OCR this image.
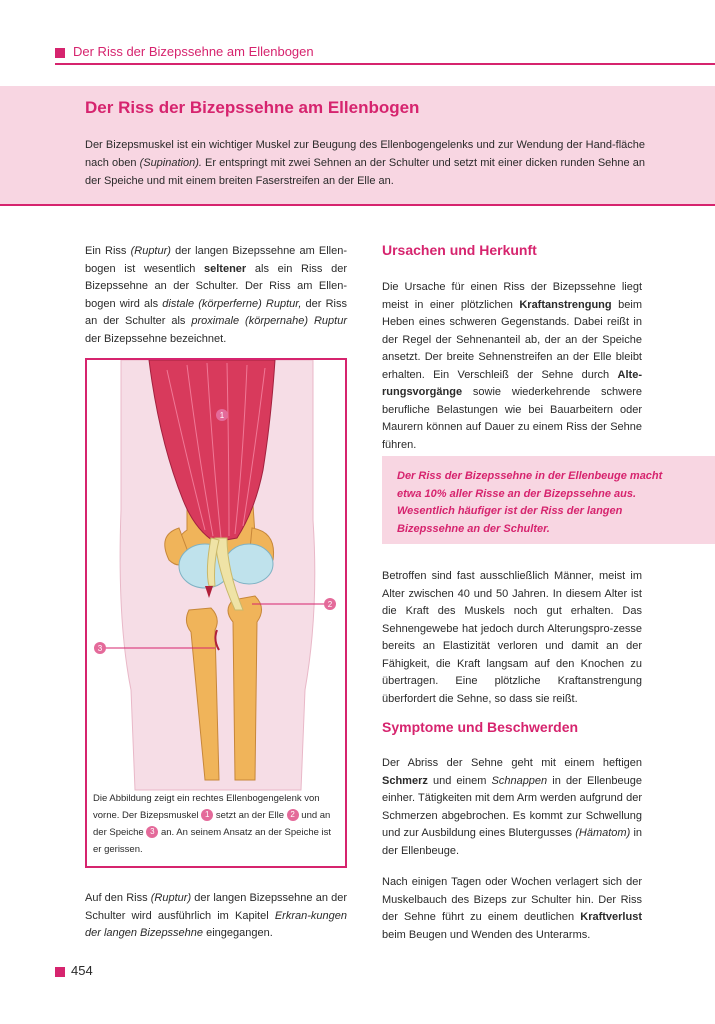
Der Riss der Bizepssehne am Ellenbogen
Der Riss der Bizepssehne am Ellenbogen

Der Bizepsmuskel ist ein wichtiger Muskel zur Beugung des Ellenbogengelenks und zur Wendung der Hand-fläche nach oben (Supination). Er entspringt mit zwei Sehnen an der Schulter und setzt mit einer dicken runden Sehne an der Speiche und mit einem breiten Faserstreifen an der Elle an.

Ein Riss (Ruptur) der langen Bizepssehne am Ellen-bogen ist wesentlich seltener als ein Riss der Bizepssehne an der Schulter. Der Riss am Ellen-bogen wird als distale (körperferne) Ruptur, der Riss an der Schulter als proximale (körpernahe) Ruptur der Bizepssehne bezeichnet.

1
2
3
Die Abbildung zeigt ein rechtes Ellenbogengelenk von vorne. Der Bizepsmuskel 1 setzt an der Elle 2 und an der Speiche 3 an. An seinem Ansatz an der Speiche ist er gerissen.

Auf den Riss (Ruptur) der langen Bizepssehne an der Schulter wird ausführlich im Kapitel Erkran-kungen der langen Bizepssehne eingegangen.

Ursachen und Herkunft

Die Ursache für einen Riss der Bizepssehne liegt meist in einer plötzlichen Kraftanstrengung beim Heben eines schweren Gegenstands. Dabei reißt in der Regel der Sehnenanteil ab, der an der Speiche ansetzt. Der breite Sehnenstreifen an der Elle bleibt erhalten. Ein Verschleiß der Sehne durch Alte-rungsvorgänge sowie wiederkehrende schwere berufliche Belastungen wie bei Bauarbeitern oder Maurern können auf Dauer zu einem Riss der Sehne führen.

Der Riss der Bizepssehne in der Ellenbeuge macht etwa 10% aller Risse an der Bizepssehne aus. Wesentlich häufiger ist der Riss der langen Bizepssehne an der Schulter.

Betroffen sind fast ausschließlich Männer, meist im Alter zwischen 40 und 50 Jahren. In diesem Alter ist die Kraft des Muskels noch gut erhalten. Das Sehnengewebe hat jedoch durch Alterungspro-zesse bereits an Elastizität verloren und damit an der Fähigkeit, die Kraft langsam auf den Knochen zu übertragen. Eine plötzliche Kraftanstrengung überfordert die Sehne, so dass sie reißt.

Symptome und Beschwerden

Der Abriss der Sehne geht mit einem heftigen Schmerz und einem Schnappen in der Ellenbeuge einher. Tätigkeiten mit dem Arm werden aufgrund der Schmerzen abgebrochen. Es kommt zur Schwellung und zur Ausbildung eines Blutergusses (Hämatom) in der Ellenbeuge.

Nach einigen Tagen oder Wochen verlagert sich der Muskelbauch des Bizeps zur Schulter hin. Der Riss der Sehne führt zu einem deutlichen Kraftverlust beim Beugen und Wenden des Unterarms.

454
